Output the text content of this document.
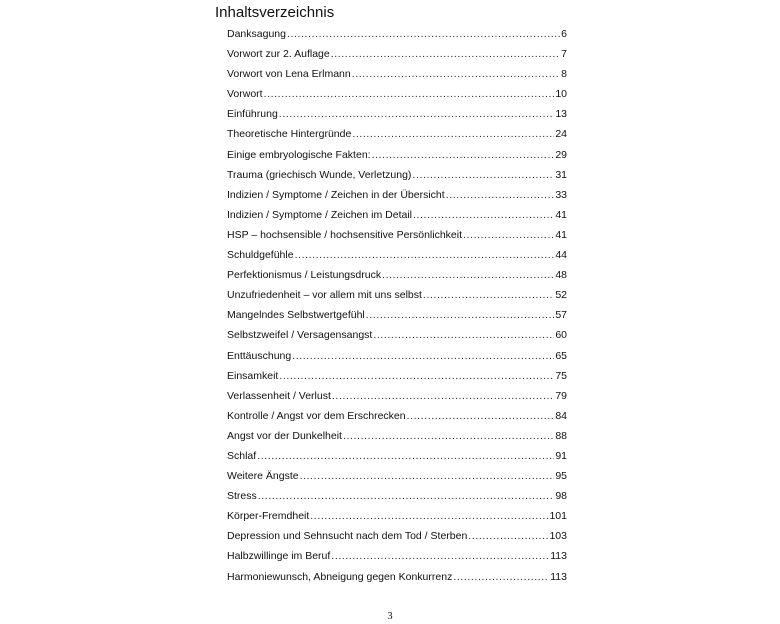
Inhaltsverzeichnis
Danksagung .....	6
Vorwort zur 2. Auflage .....	7
Vorwort von Lena Erlmann .....	8
Vorwort .....	10
Einführung .....	13
Theoretische Hintergründe .....	24
Einige embryologische Fakten: .....	29
Trauma (griechisch Wunde, Verletzung) .....	31
Indizien / Symptome / Zeichen in der Übersicht .....	33
Indizien / Symptome / Zeichen im Detail .....	41
HSP – hochsensible / hochsensitive Persönlichkeit .....	41
Schuldgefühle .....	44
Perfektionismus / Leistungsdruck .....	48
Unzufriedenheit – vor allem mit uns selbst .....	52
Mangelndes Selbstwertgefühl .....	57
Selbstzweifel / Versagensangst .....	60
Enttäuschung .....	65
Einsamkeit .....	75
Verlassenheit / Verlust .....	79
Kontrolle / Angst vor dem Erschrecken .....	84
Angst vor der Dunkelheit .....	88
Schlaf .....	91
Weitere Ängste .....	95
Stress .....	98
Körper-Fremdheit .....	101
Depression und Sehnsucht nach dem Tod / Sterben .....	103
Halbzwillinge im Beruf .....	113
Harmoniewunsch, Abneigung gegen Konkurrenz .....	113
3
